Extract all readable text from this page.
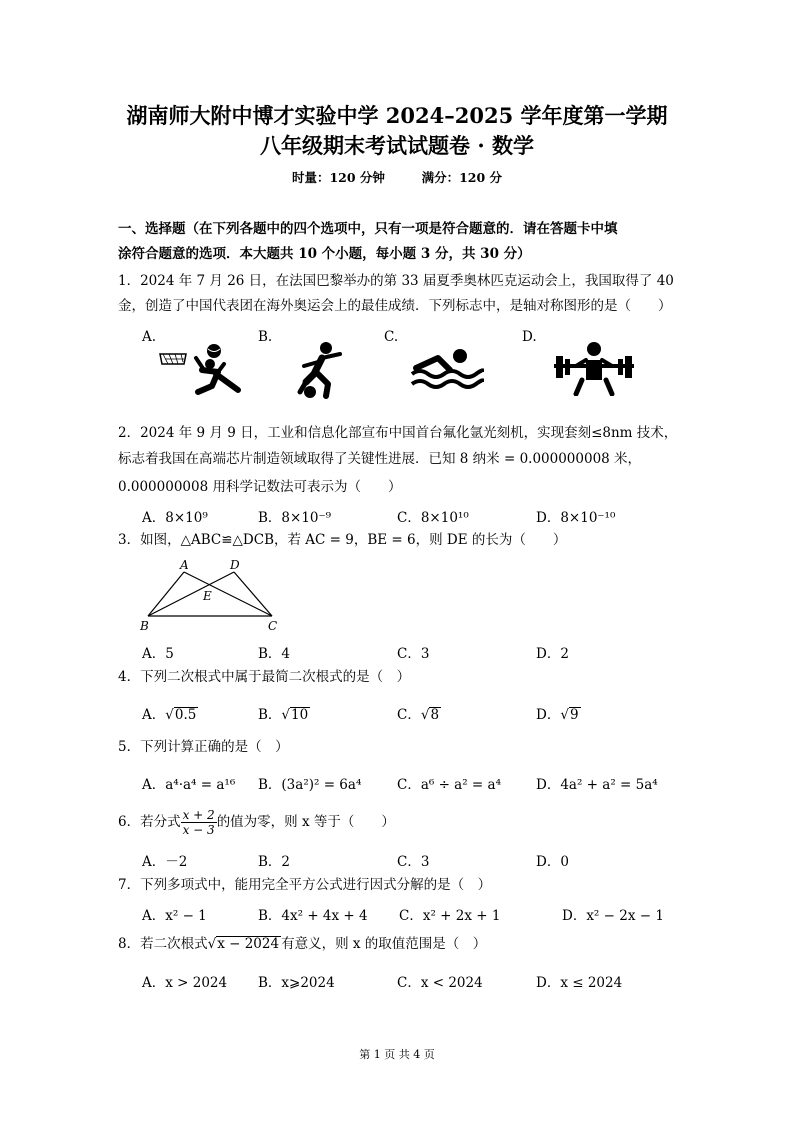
湖南师大附中博才实验中学 2024–2025 学年度第一学期
八年级期末考试试题卷 · 数学
时量：120 分钟	满分：120 分
一、选择题（在下列各题中的四个选项中，只有一项是符合题意的．请在答题卡中填
涂符合题意的选项．本大题共 10 个小题，每小题 3 分，共 30 分）
1．2024 年 7 月 26 日，在法国巴黎举办的第 33 届夏季奥林匹克运动会上，我国取得了 40
金，创造了中国代表团在海外奥运会上的最佳成绩．下列标志中，是轴对称图形的是（　　）
A.	B.	C.	D.
2．2024 年 9 月 9 日，工业和信息化部宣布中国首台氟化氩光刻机，实现套刻≤8nm 技术，
标志着我国在高端芯片制造领域取得了关键性进展．已知 8 纳米 = 0.000000008 米，
0.000000008 用科学记数法可表示为（　　）
A．8×10⁹	B．8×10⁻⁹	C．8×10¹⁰	D．8×10⁻¹⁰
3．如图，△ABC≌△DCB，若 AC = 9，BE = 6，则 DE 的长为（　　）
A	D
E
B	C
A．5	B．4	C．3	D．2
4．下列二次根式中属于最简二次根式的是（　）
A．√0.5	B．√10	C．√8	D．√9
5．下列计算正确的是（　）
A．a⁴·a⁴ = a¹⁶ B．(3a²)² = 6a⁴	C．a⁶ ÷ a² = a⁴	D．4a² + a² = 5a⁴
6．若分式 $\frac{x + 2}{x - 3}$ 的值为零，则 x 等于（　　）
A．－2	B．2	C．3	D．0
7．下列多项式中，能用完全平方公式进行因式分解的是（　）
A．x² − 1	B．4x² + 4x + 4 C．x² + 2x + 1	D．x² − 2x − 1
8．若二次根式√x − 2024 有意义，则 x 的取值范围是（　）
A．x > 2024 B．x⩾2024	C．x < 2024	D．x ≤ 2024
第 1 页 共 4 页
